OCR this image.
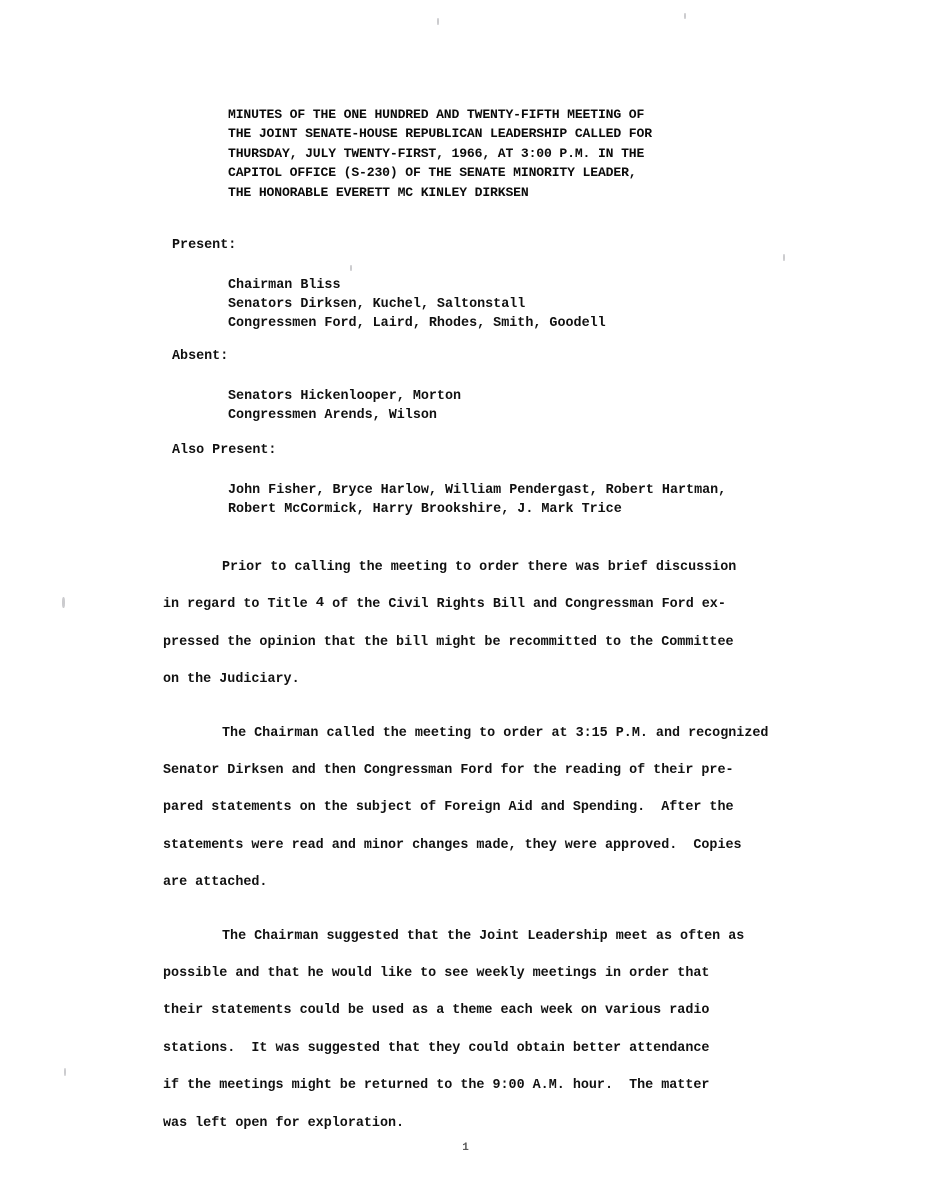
MINUTES OF THE ONE HUNDRED AND TWENTY-FIFTH MEETING OF
THE JOINT SENATE-HOUSE REPUBLICAN LEADERSHIP CALLED FOR
THURSDAY, JULY TWENTY-FIRST, 1966, AT 3:00 P.M. IN THE
CAPITOL OFFICE (S-230) OF THE SENATE MINORITY LEADER,
THE HONORABLE EVERETT MC KINLEY DIRKSEN
Present:
Chairman Bliss
Senators Dirksen, Kuchel, Saltonstall
Congressmen Ford, Laird, Rhodes, Smith, Goodell
Absent:
Senators Hickenlooper, Morton
Congressmen Arends, Wilson
Also Present:
John Fisher, Bryce Harlow, William Pendergast, Robert Hartman,
Robert McCormick, Harry Brookshire, J. Mark Trice
Prior to calling the meeting to order there was brief discussion
in regard to Title 4 of the Civil Rights Bill and Congressman Ford ex-
pressed the opinion that the bill might be recommitted to the Committee
on the Judiciary.
The Chairman called the meeting to order at 3:15 P.M. and recognized
Senator Dirksen and then Congressman Ford for the reading of their pre-
pared statements on the subject of Foreign Aid and Spending.  After the
statements were read and minor changes made, they were approved.  Copies
are attached.
The Chairman suggested that the Joint Leadership meet as often as
possible and that he would like to see weekly meetings in order that
their statements could be used as a theme each week on various radio
stations.  It was suggested that they could obtain better attendance
if the meetings might be returned to the 9:00 A.M. hour.  The matter
was left open for exploration.
1
